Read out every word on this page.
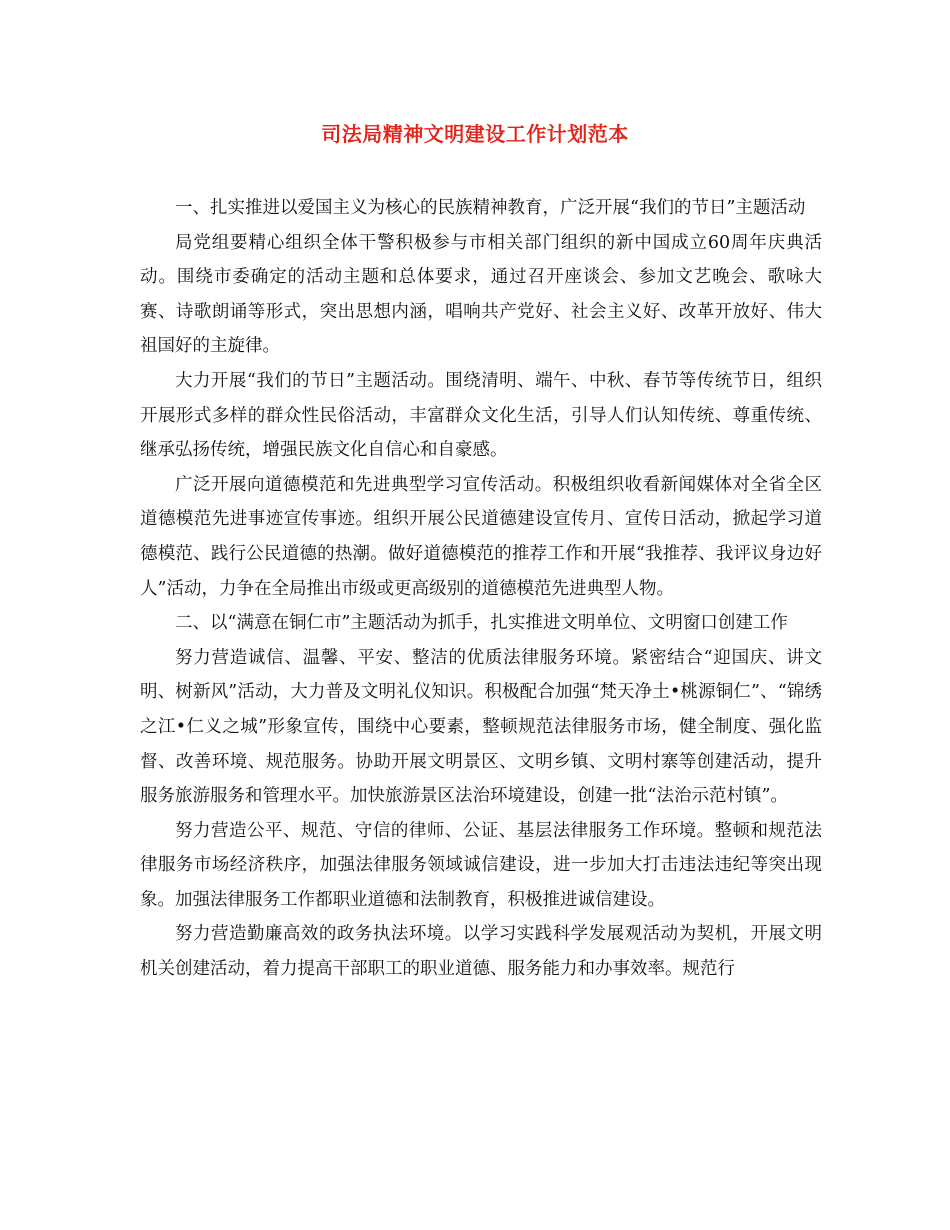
司法局精神文明建设工作计划范本

一、扎实推进以爱国主义为核心的民族精神教育，广泛开展“我们的节日”主题活动

局党组要精心组织全体干警积极参与市相关部门组织的新中国成立60周年庆典活动。围绕市委确定的活动主题和总体要求，通过召开座谈会、参加文艺晚会、歌咏大赛、诗歌朗诵等形式，突出思想内涵，唱响共产党好、社会主义好、改革开放好、伟大祖国好的主旋律。

大力开展“我们的节日”主题活动。围绕清明、端午、中秋、春节等传统节日，组织开展形式多样的群众性民俗活动，丰富群众文化生活，引导人们认知传统、尊重传统、继承弘扬传统，增强民族文化自信心和自豪感。

广泛开展向道德模范和先进典型学习宣传活动。积极组织收看新闻媒体对全省全区道德模范先进事迹宣传事迹。组织开展公民道德建设宣传月、宣传日活动，掀起学习道德模范、践行公民道德的热潮。做好道德模范的推荐工作和开展“我推荐、我评议身边好人”活动，力争在全局推出市级或更高级别的道德模范先进典型人物。

二、以“满意在铜仁市”主题活动为抓手，扎实推进文明单位、文明窗口创建工作

努力营造诚信、温馨、平安、整洁的优质法律服务环境。紧密结合“迎国庆、讲文明、树新风”活动，大力普及文明礼仪知识。积极配合加强“梵天净土•桃源铜仁”、“锦绣之江•仁义之城”形象宣传，围绕中心要素，整顿规范法律服务市场，健全制度、强化监督、改善环境、规范服务。协助开展文明景区、文明乡镇、文明村寨等创建活动，提升服务旅游服务和管理水平。加快旅游景区法治环境建设，创建一批“法治示范村镇”。

努力营造公平、规范、守信的律师、公证、基层法律服务工作环境。整顿和规范法律服务市场经济秩序，加强法律服务领域诚信建设，进一步加大打击违法违纪等突出现象。加强法律服务工作都职业道德和法制教育，积极推进诚信建设。

努力营造勤廉高效的政务执法环境。以学习实践科学发展观活动为契机，开展文明机关创建活动，着力提高干部职工的职业道德、服务能力和办事效率。规范行
